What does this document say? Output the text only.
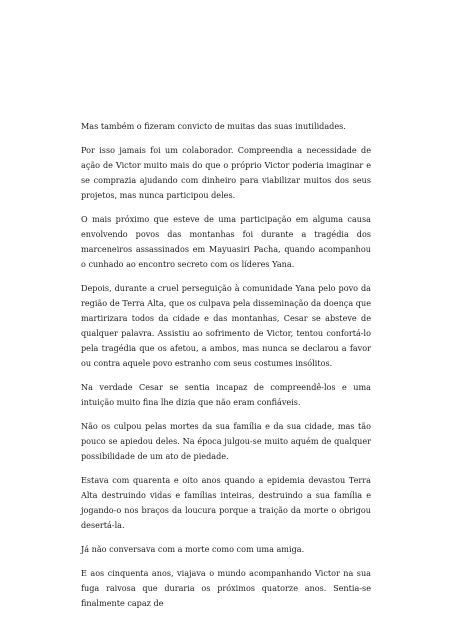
Mas também o fizeram convicto de muitas das suas inutilidades.

Por isso jamais foi um colaborador. Compreendia a necessidade de ação de Victor muito mais do que o próprio Victor poderia imaginar e se comprazia ajudando com dinheiro para viabilizar muitos dos seus projetos, mas nunca participou deles.

O mais próximo que esteve de uma participação em alguma causa envolvendo povos das montanhas foi durante a tragédia dos marceneiros assassinados em Mayuasiri Pacha, quando acompanhou o cunhado ao encontro secreto com os líderes Yana.

Depois, durante a cruel perseguição à comunidade Yana pelo povo da região de Terra Alta, que os culpava pela disseminação da doença que martirizara todos da cidade e das montanhas, Cesar se absteve de qualquer palavra. Assistiu ao sofrimento de Victor, tentou confortá-lo pela tragédia que os afetou, a ambos, mas nunca se declarou a favor ou contra aquele povo estranho com seus costumes insólitos.

Na verdade Cesar se sentia incapaz de compreendê-los e uma intuição muito fina lhe dizia que não eram confiáveis.

Não os culpou pelas mortes da sua família e da sua cidade, mas tão pouco se apiedou deles. Na época julgou-se muito aquém de qualquer possibilidade de um ato de piedade.

Estava com quarenta e oito anos quando a epidemia devastou Terra Alta destruindo vidas e famílias inteiras, destruindo a sua família e jogando-o nos braços da loucura porque a traição da morte o obrigou desertá-la.

Já não conversava com a morte como com uma amiga.

E aos cinquenta anos, viajava o mundo acompanhando Victor na sua fuga raivosa que duraria os próximos quatorze anos. Sentia-se finalmente capaz de
